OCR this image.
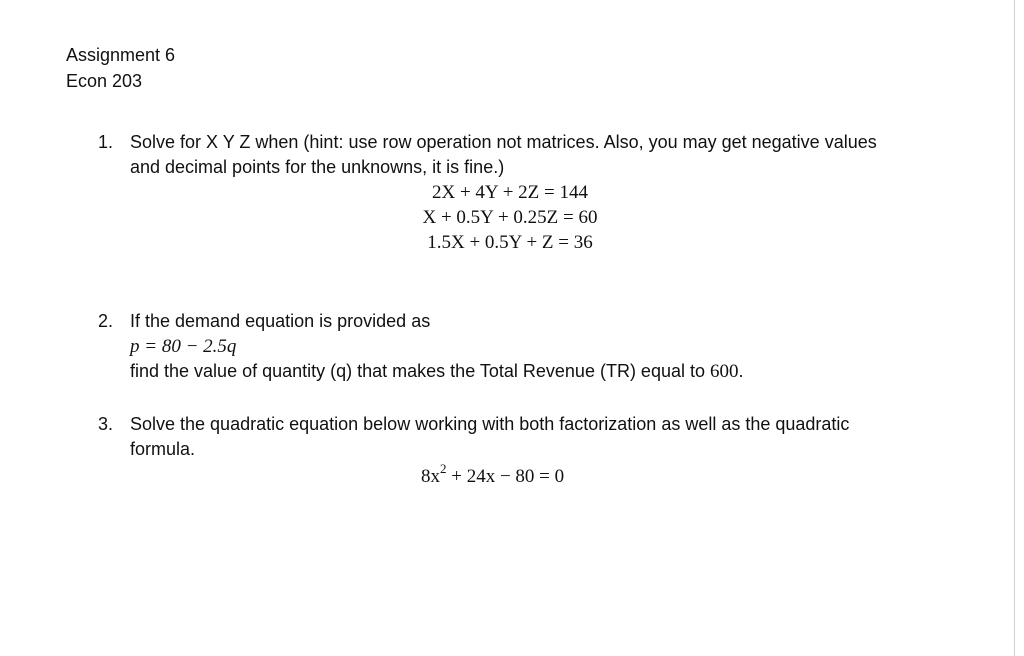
Assignment 6
Econ 203
1. Solve for X Y Z when (hint: use row operation not matrices. Also, you may get negative values and decimal points for the unknowns, it is fine.)
2X + 4Y + 2Z = 144
X + 0.5Y + 0.25Z = 60
1.5X + 0.5Y + Z = 36
2. If the demand equation is provided as
p = 80 − 2.5q
find the value of quantity (q) that makes the Total Revenue (TR) equal to 600.
3. Solve the quadratic equation below working with both factorization as well as the quadratic formula.
$8x^2 + 24x - 80 = 0$
